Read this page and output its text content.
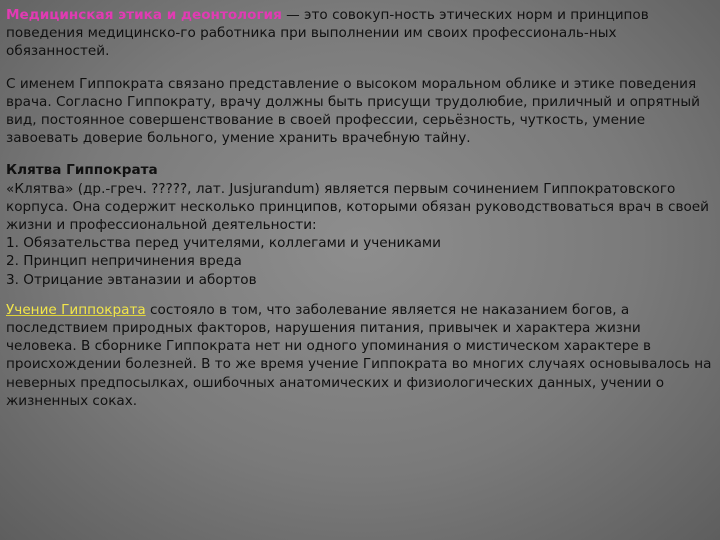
Медицинская этика и деонтология — это совокуп-ность этических норм и принципов поведения медицинско-го работника при выполнении им своих профессиональ-ных обязанностей.

С именем Гиппократа связано представление о высоком моральном облике и этике поведения врача. Согласно Гиппократу, врачу должны быть присущи трудолюбие, приличный и опрятный вид, постоянное совершенствование в своей профессии, серьёзность, чуткость, умение завоевать доверие больного, умение хранить врачебную тайну.

Клятва Гиппократа
«Клятва» (др.-греч. ?????, лат. Jusjurandum) является первым сочинением Гиппократовского корпуса. Она содержит несколько принципов, которыми обязан руководствоваться врач в своей жизни и профессиональной деятельности:
1. Обязательства перед учителями, коллегами и учениками
2. Принцип непричинения вреда
3. Отрицание эвтаназии и абортов

Учение Гиппократа состояло в том, что заболевание является не наказанием богов, а последствием природных факторов, нарушения питания, привычек и характера жизни человека. В сборнике Гиппократа нет ни одного упоминания о мистическом характере в происхождении болезней. В то же время учение Гиппократа во многих случаях основывалось на неверных предпосылках, ошибочных анатомических и физиологических данных, учении о жизненных соках.
